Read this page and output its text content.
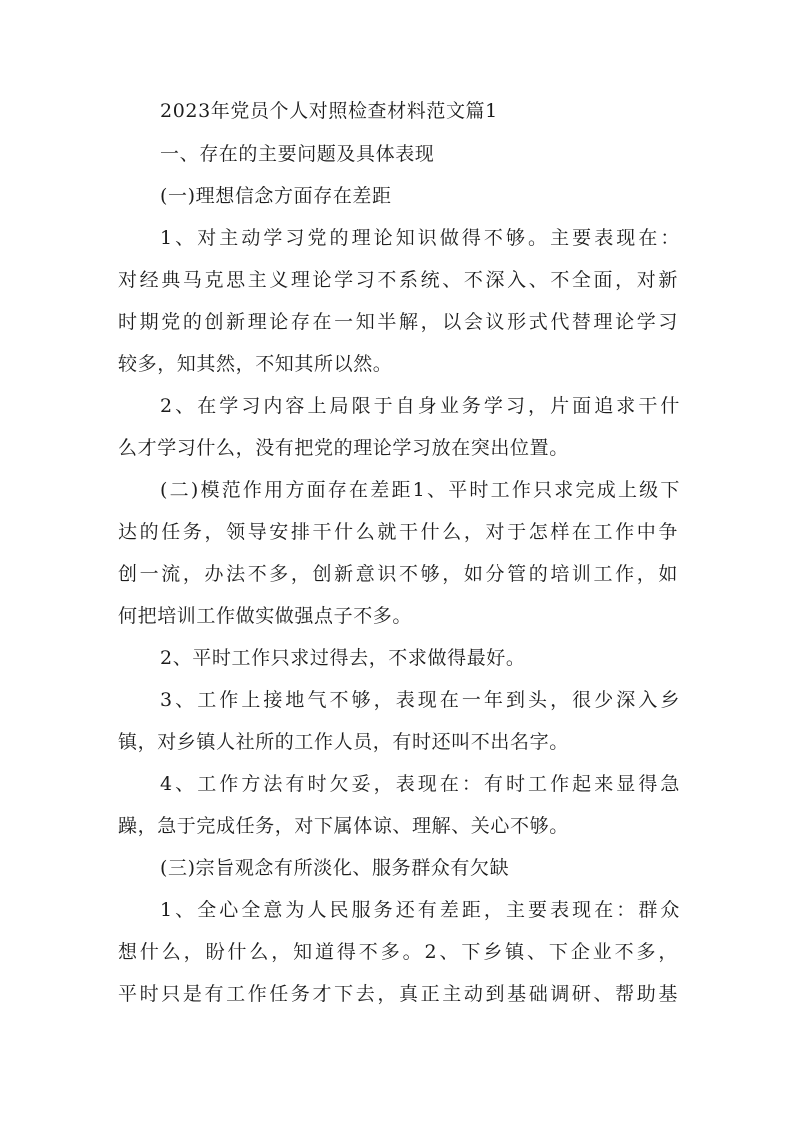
2023年党员个人对照检查材料范文篇1
一、存在的主要问题及具体表现
(一)理想信念方面存在差距
1、对主动学习党的理论知识做得不够。主要表现在：
对经典马克思主义理论学习不系统、不深入、不全面，对新
时期党的创新理论存在一知半解，以会议形式代替理论学习
较多，知其然，不知其所以然。
2、在学习内容上局限于自身业务学习，片面追求干什
么才学习什么，没有把党的理论学习放在突出位置。
(二)模范作用方面存在差距1、平时工作只求完成上级下
达的任务，领导安排干什么就干什么，对于怎样在工作中争
创一流，办法不多，创新意识不够，如分管的培训工作，如
何把培训工作做实做强点子不多。
2、平时工作只求过得去，不求做得最好。
3、工作上接地气不够，表现在一年到头，很少深入乡
镇，对乡镇人社所的工作人员，有时还叫不出名字。
4、工作方法有时欠妥，表现在：有时工作起来显得急
躁，急于完成任务，对下属体谅、理解、关心不够。
(三)宗旨观念有所淡化、服务群众有欠缺
1、全心全意为人民服务还有差距，主要表现在：群众
想什么，盼什么，知道得不多。2、下乡镇、下企业不多，
平时只是有工作任务才下去，真正主动到基础调研、帮助基
